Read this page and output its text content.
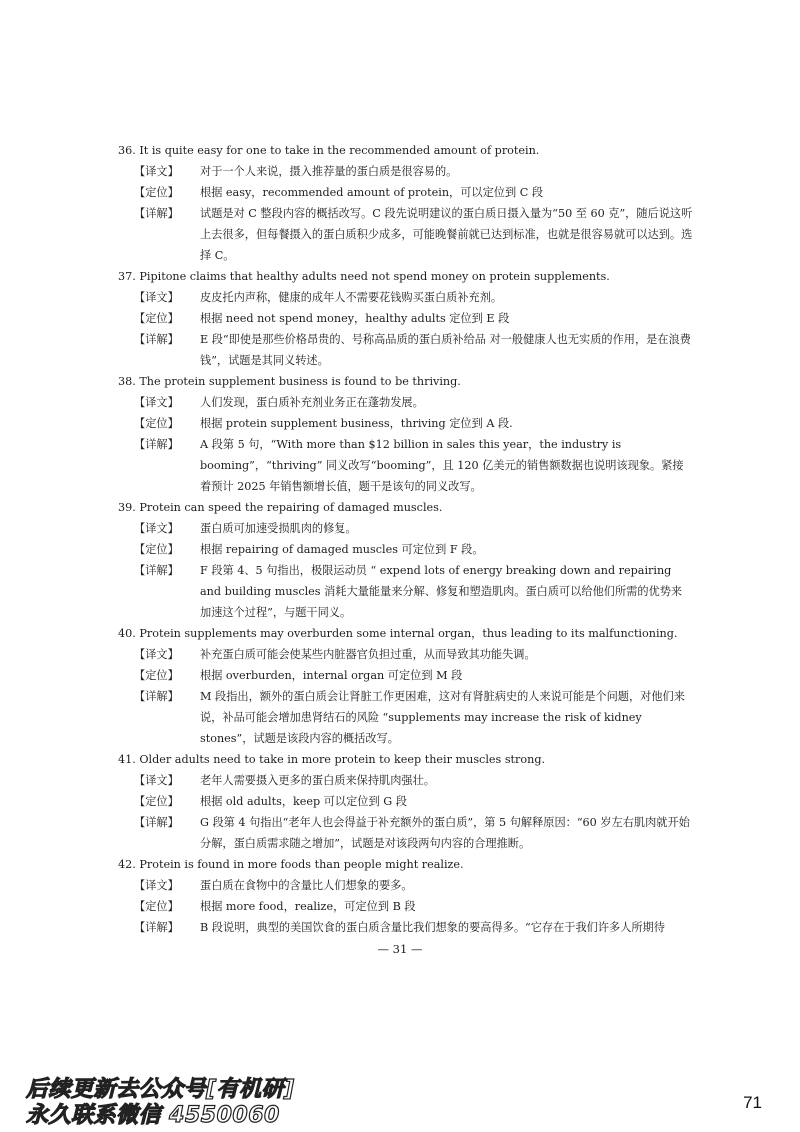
36. It is quite easy for one to take in the recommended amount of protein.

【译文】	对于一个人来说，摄入推荐量的蛋白质是很容易的。
【定位】	根据 easy，recommended amount of protein，可以定位到 C 段
【详解】	试题是对 C 整段内容的概括改写。C 段先说明建议的蛋白质日摄入量为“50 至 60 克”，随后说这听上去很多，但每餐摄入的蛋白质积少成多，可能晚餐前就已达到标准，也就是很容易就可以达到。选择 C。

37. Pipitone claims that healthy adults need not spend money on protein supplements.

【译文】	皮皮托内声称，健康的成年人不需要花钱购买蛋白质补充剂。
【定位】	根据 need not spend money，healthy adults 定位到 E 段
【详解】	E 段“即使是那些价格昂贵的、号称高品质的蛋白质补给品 对一般健康人也无实质的作用，是在浪费钱”，试题是其同义转述。

38. The protein supplement business is found to be thriving.

【译文】	人们发现，蛋白质补充剂业务正在蓬勃发展。
【定位】	根据 protein supplement business，thriving 定位到 A 段.
【详解】	A 段第 5 句，“With more than $12 billion in sales this year，the industry is booming”，“thriving” 同义改写“booming”，且 120 亿美元的销售额数据也说明该现象。紧接着预计 2025 年销售额增长值，题干是该句的同义改写。

39. Protein can speed the repairing of damaged muscles.

【译文】	蛋白质可加速受损肌肉的修复。
【定位】	根据 repairing of damaged muscles 可定位到 F 段。
【详解】	F 段第 4、5 句指出，极限运动员 “ expend lots of energy breaking down and repairing and building muscles 消耗大量能量来分解、修复和塑造肌肉。蛋白质可以给他们所需的优势来加速这个过程”，与题干同义。

40. Protein supplements may overburden some internal organ，thus leading to its malfunctioning.

【译文】	补充蛋白质可能会使某些内脏器官负担过重，从而导致其功能失调。
【定位】	根据 overburden，internal organ 可定位到 M 段
【详解】	M 段指出，额外的蛋白质会让肾脏工作更困难，这对有肾脏病史的人来说可能是个问题，对他们来说，补品可能会增加患肾结石的风险 “supplements may increase the risk of kidney stones”，试题是该段内容的概括改写。

41. Older adults need to take in more protein to keep their muscles strong.

【译文】	老年人需要摄入更多的蛋白质来保持肌肉强壮。
【定位】	根据 old adults，keep 可以定位到 G 段
【详解】	G 段第 4 句指出“老年人也会得益于补充额外的蛋白质”，第 5 句解释原因：“60 岁左右肌肉就开始分解，蛋白质需求随之增加”，试题是对该段两句内容的合理推断。

42. Protein is found in more foods than people might realize.

【译文】	蛋白质在食物中的含量比人们想象的要多。
【定位】	根据 more food，realize，可定位到 B 段
【详解】	B 段说明，典型的美国饮食的蛋白质含量比我们想象的要高得多。“它存在于我们许多人所期待
— 31 —
后续更新去公众号[有机研]
永久联系微信 4550060
71
